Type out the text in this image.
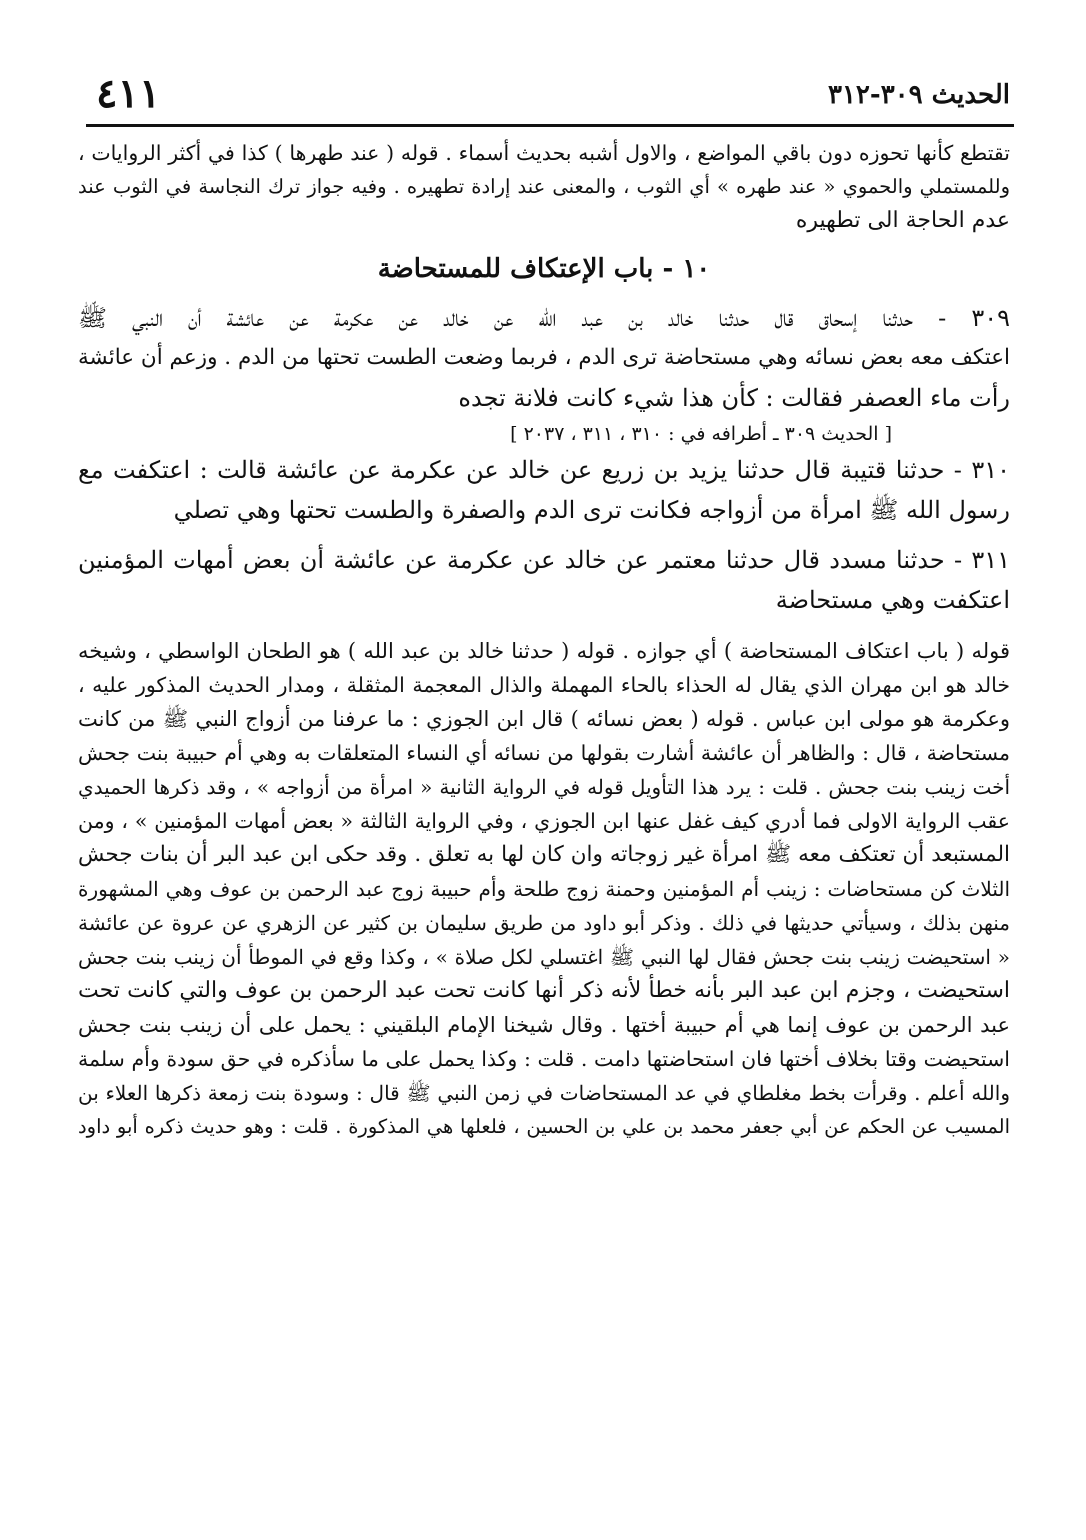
٤١١	الحديث ٣٠٩-٣١٢
تقتطع كأنها تحوزه دون باقي المواضع ، والاول أشبه بحديث أسماء . قوله ( عند طهرها ) كذا في أكثر الروايات ،
وللمستملي والحموي « عند طهره » أي الثوب ، والمعنى عند إرادة تطهيره . وفيه جواز ترك النجاسة في الثوب عند
عدم الحاجة الى تطهيره
١٠ - باب الإعتكاف للمستحاضة
٣٠٩ - حدثنا إسحاق قال حدثنا خالد بن عبد الله عن خالد عن عكرمة عن عائشة أن النبي ﷺ
اعتكف معه بعض نسائه وهي مستحاضة ترى الدم ، فربما وضعت الطست تحتها من الدم . وزعم أن عائشة
رأت ماء العصفر فقالت : كأن هذا شيء كانت فلانة تجده
[ الحديث ٣٠٩ ـ أطرافه في : ٣١٠ ، ٣١١ ، ٢٠٣٧ ]
٣١٠ - حدثنا قتيبة قال حدثنا يزيد بن زريع عن خالد عن عكرمة عن عائشة قالت : اعتكفت مع
رسول الله ﷺ امرأة من أزواجه فكانت ترى الدم والصفرة والطست تحتها وهي تصلي
٣١١ - حدثنا مسدد قال حدثنا معتمر عن خالد عن عكرمة عن عائشة أن بعض أمهات المؤمنين
اعتكفت وهي مستحاضة
قوله ( باب اعتكاف المستحاضة ) أي جوازه . قوله ( حدثنا خالد بن عبد الله ) هو الطحان الواسطي ، وشيخه
خالد هو ابن مهران الذي يقال له الحذاء بالحاء المهملة والذال المعجمة المثقلة ، ومدار الحديث المذكور عليه ،
وعكرمة هو مولى ابن عباس . قوله ( بعض نسائه ) قال ابن الجوزي : ما عرفنا من أزواج النبي ﷺ من كانت
مستحاضة ، قال : والظاهر أن عائشة أشارت بقولها من نسائه أي النساء المتعلقات به وهي أم حبيبة بنت جحش
أخت زينب بنت جحش . قلت : يرد هذا التأويل قوله في الرواية الثانية « امرأة من أزواجه » ، وقد ذكرها الحميدي
عقب الرواية الاولى فما أدري كيف غفل عنها ابن الجوزي ، وفي الرواية الثالثة « بعض أمهات المؤمنين » ، ومن
المستبعد أن تعتكف معه ﷺ امرأة غير زوجاته وان كان لها به تعلق . وقد حكى ابن عبد البر أن بنات جحش
الثلاث كن مستحاضات : زينب أم المؤمنين وحمنة زوج طلحة وأم حبيبة زوج عبد الرحمن بن عوف وهي المشهورة
منهن بذلك ، وسيأتي حديثها في ذلك . وذكر أبو داود من طريق سليمان بن كثير عن الزهري عن عروة عن عائشة
« استحيضت زينب بنت جحش فقال لها النبي ﷺ اغتسلي لكل صلاة » ، وكذا وقع في الموطأ أن زينب بنت جحش
استحيضت ، وجزم ابن عبد البر بأنه خطأ لأنه ذكر أنها كانت تحت عبد الرحمن بن عوف والتي كانت تحت
عبد الرحمن بن عوف إنما هي أم حبيبة أختها . وقال شيخنا الإمام البلقيني : يحمل على أن زينب بنت جحش
استحيضت وقتا بخلاف أختها فان استحاضتها دامت . قلت : وكذا يحمل على ما سأذكره في حق سودة وأم سلمة
والله أعلم . وقرأت بخط مغلطاي في عد المستحاضات في زمن النبي ﷺ قال : وسودة بنت زمعة ذكرها العلاء بن
المسيب عن الحكم عن أبي جعفر محمد بن علي بن الحسين ، فلعلها هي المذكورة . قلت : وهو حديث ذكره أبو داود
